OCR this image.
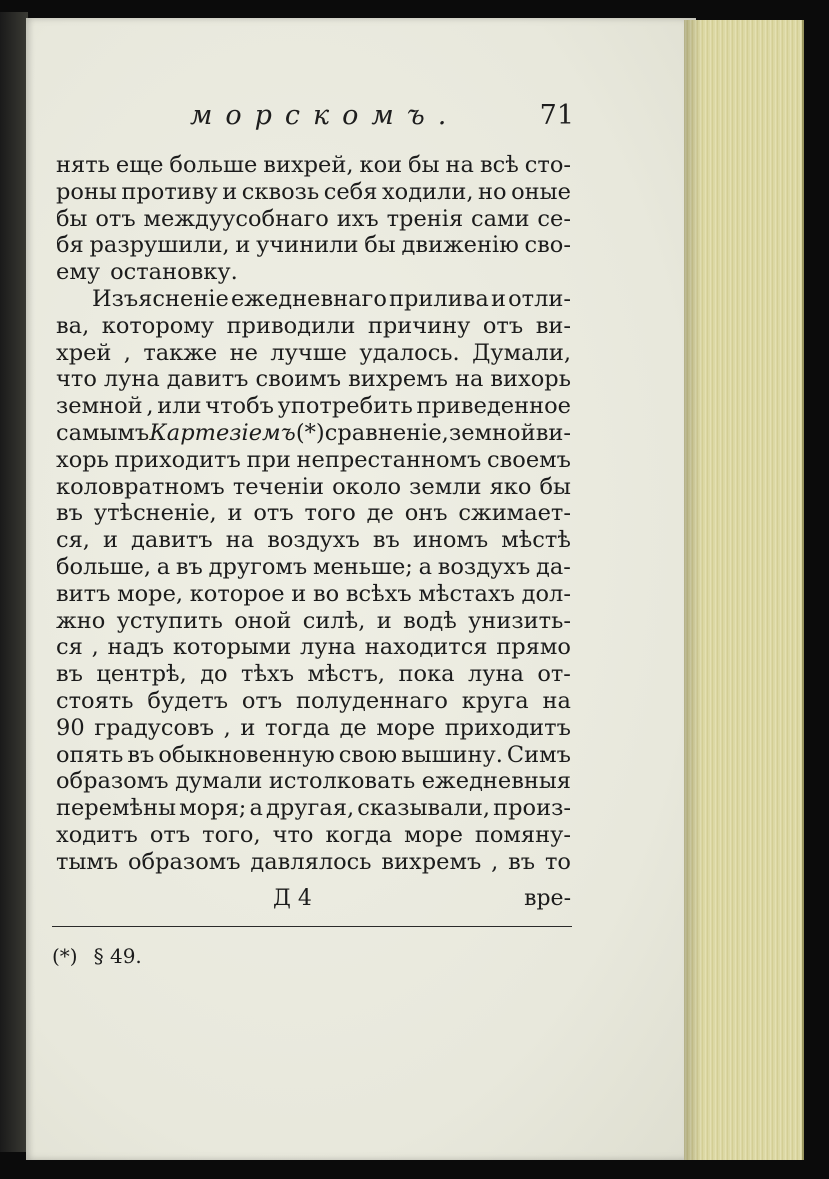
морскомъ.	71
нять еще больше вихрей, кои бы на всѣ сто-
роны противу и сквозь себя ходили, но оные
бы отъ междуусобнаго ихъ тренія сами се-
бя разрушили, и учинили бы движенію сво-
ему остановку.
Изъясненіе ежедневнаго прилива и отли-
ва, которому приводили причину отъ ви-
хрей , также не лучше удалось. Думали,
что луна давитъ своимъ вихремъ на вихорь
земной , или чтобъ употребить приведенное
самымъ Картезіемъ (*) сравненіе, земной ви-
хорь приходитъ при непрестанномъ своемъ
коловратномъ теченіи около земли яко бы
въ утѣсненіе, и отъ того де онъ сжимает-
ся, и давитъ на воздухъ въ иномъ мѣстѣ
больше, а въ другомъ меньше; а воздухъ да-
витъ море, которое и во всѣхъ мѣстахъ дол-
жно уступить оной силѣ, и водѣ унизить-
ся , надъ которыми луна находится прямо
въ центрѣ, до тѣхъ мѣстъ, пока луна от-
стоять будетъ отъ полуденнаго круга на
90 градусовъ , и тогда де море приходитъ
опять въ обыкновенную свою вышину. Симъ
образомъ думали истолковать ежедневныя
перемѣны моря; а другая, сказывали, произ-
ходитъ отъ того, что когда море помяну-
тымъ образомъ давлялось вихремъ , въ то
Д 4	вре-
(*) § 49.
